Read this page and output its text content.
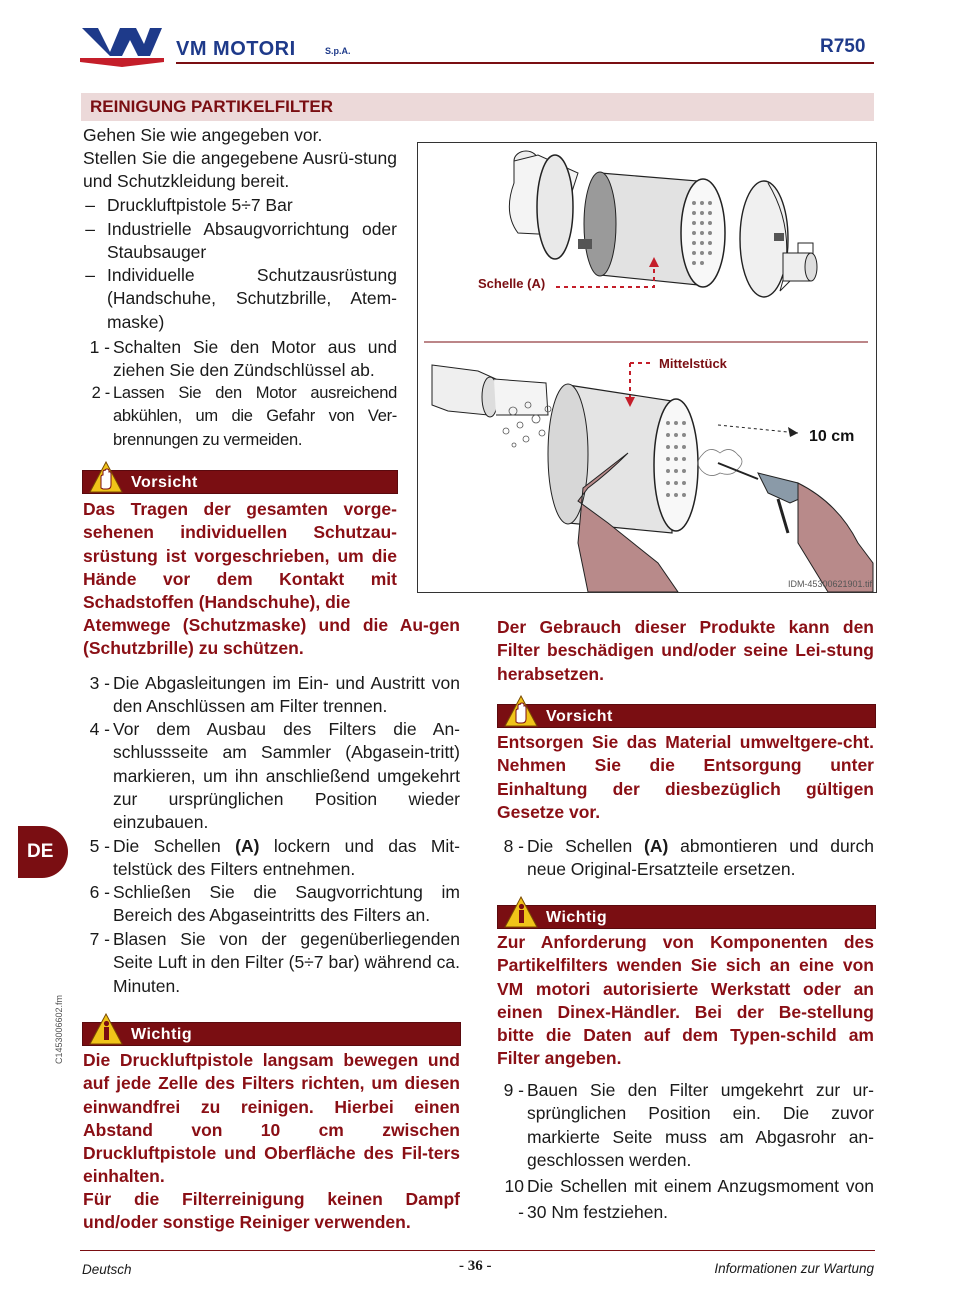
VM MOTORI	S.p.A.	R750
REINIGUNG PARTIKELFILTER
Gehen Sie wie angegeben vor.
Stellen Sie die angegebene Ausrü-stung und Schutzkleidung bereit.
– Druckluftpistole 5÷7 Bar
– Industrielle Absaugvorrichtung oder Staubsauger
– Individuelle Schutzausrüstung (Handschuhe, Schutzbrille, Atem-maske)
1 - Schalten Sie den Motor aus und ziehen Sie den Zündschlüssel ab.
2 - Lassen Sie den Motor ausreichend abkühlen, um die Gefahr von Ver-brennungen zu vermeiden.
Vorsicht
Das Tragen der gesamten vorge-sehenen individuellen Schutzau-srüstung ist vorgeschrieben, um die Hände vor dem Kontakt mit Schadstoffen (Handschuhe), die
Atemwege (Schutzmaske) und die Au-gen (Schutzbrille) zu schützen.
3 - Die Abgasleitungen im Ein- und Austritt von den Anschlüssen am Filter trennen.
4 - Vor dem Ausbau des Filters die An-schlussseite am Sammler (Abgasein-tritt) markieren, um ihn anschließend umgekehrt zur ursprünglichen Position wieder einzubauen.
5 - Die Schellen (A) lockern und das Mit-telstück des Filters entnehmen.
6 - Schließen Sie die Saugvorrichtung im Bereich des Abgaseintritts des Filters an.
7 - Blasen Sie von der gegenüberliegenden Seite Luft in den Filter (5÷7 bar) während ca. Minuten.
Wichtig
Die Druckluftpistole langsam bewegen und auf jede Zelle des Filters richten, um diesen einwandfrei zu reinigen. Hierbei einen Abstand von 10 cm zwischen Druckluftpistole und Oberfläche des Fil-ters einhalten.
Für die Filterreinigung keinen Dampf und/oder sonstige Reiniger verwenden.
Schelle (A)
Mittelstück
10 cm
IDM-45300621901.tif
Der Gebrauch dieser Produkte kann den Filter beschädigen und/oder seine Lei-stung herabsetzen.
Vorsicht
Entsorgen Sie das Material umweltgere-cht. Nehmen Sie die Entsorgung unter Einhaltung der diesbezüglich gültigen Gesetze vor.
8 - Die Schellen (A) abmontieren und durch neue Original-Ersatzteile ersetzen.
Wichtig
Zur Anforderung von Komponenten des Partikelfilters wenden Sie sich an eine von VM motori autorisierte Werkstatt oder an einen Dinex-Händler. Bei der Be-stellung bitte die Daten auf dem Typen-schild am Filter angeben.
9 - Bauen Sie den Filter umgekehrt zur ur-sprünglichen Position ein. Die zuvor markierte Seite muss am Abgasrohr an-geschlossen werden.
10 -
Die Schellen mit einem Anzugsmoment von 30 Nm festziehen.
DE
C1453006602.fm
Deutsch	- 36 -	Informationen zur Wartung
